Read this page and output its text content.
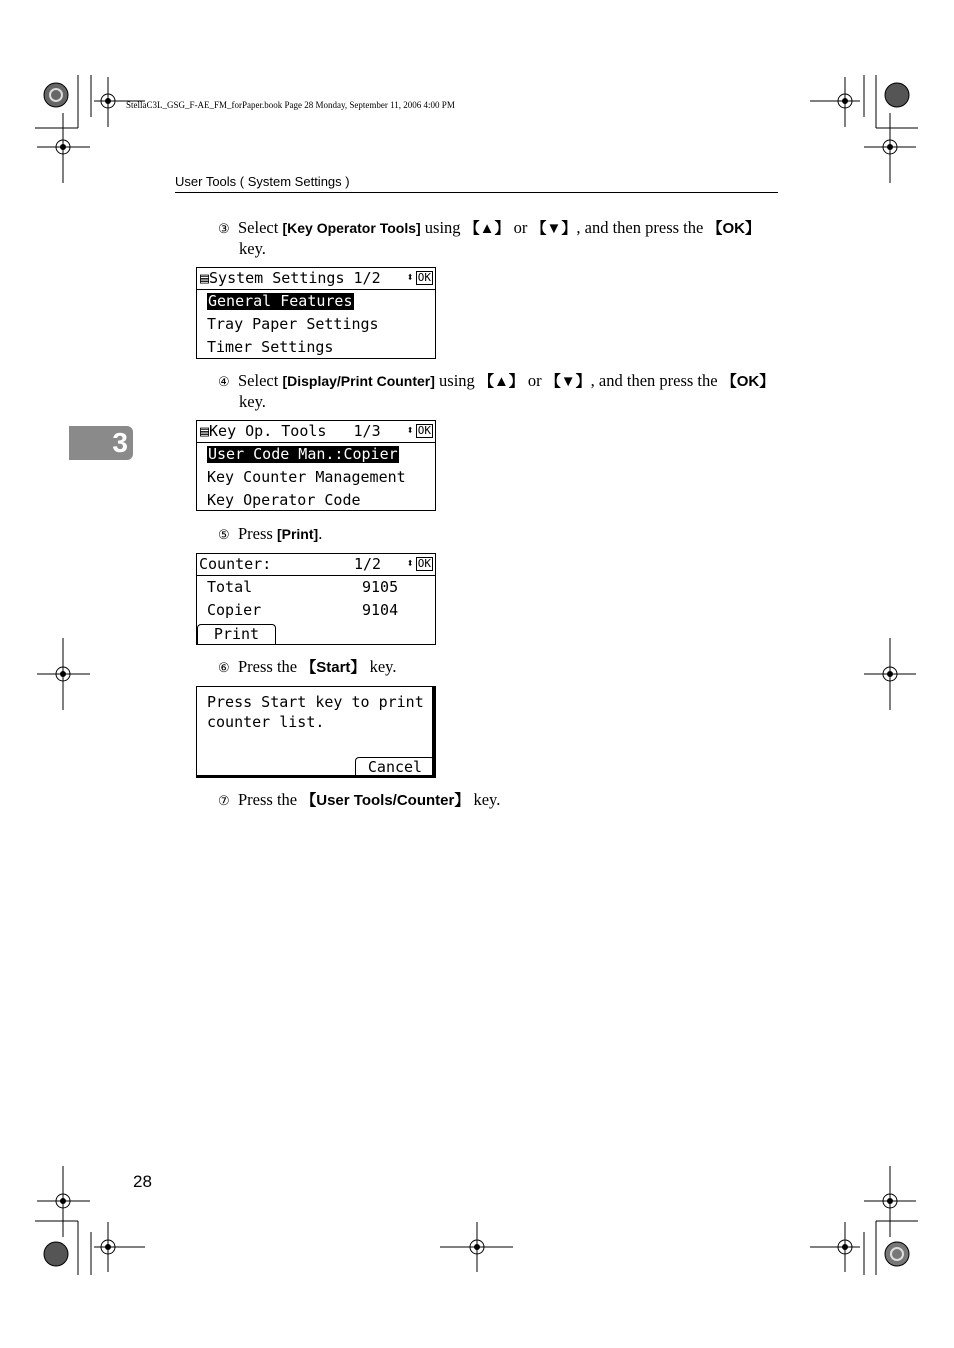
StellaC3L_GSG_F-AE_FM_forPaper.book Page 28 Monday, September 11, 2006 4:00 PM
User Tools ( System Settings )
3
③ Select [Key Operator Tools] using 【▲】 or 【▼】, and then press the 【OK】
key.
▤System Settings 1/2 ⬍ OK
General Features
Tray Paper Settings
Timer Settings
④ Select [Display/Print Counter] using 【▲】 or 【▼】, and then press the 【OK】
key.
▤Key Op. Tools 1/3 ⬍ OK
User Code Man.:Copier
Key Counter Management
Key Operator Code
⑤ Press [Print].
Counter:	1/2 ⬍ OK
Total	9105
Copier	9104
Print
⑥ Press the 【Start】 key.
Press Start key to print
counter list.
Cancel
⑦ Press the 【User Tools/Counter】 key.
28
